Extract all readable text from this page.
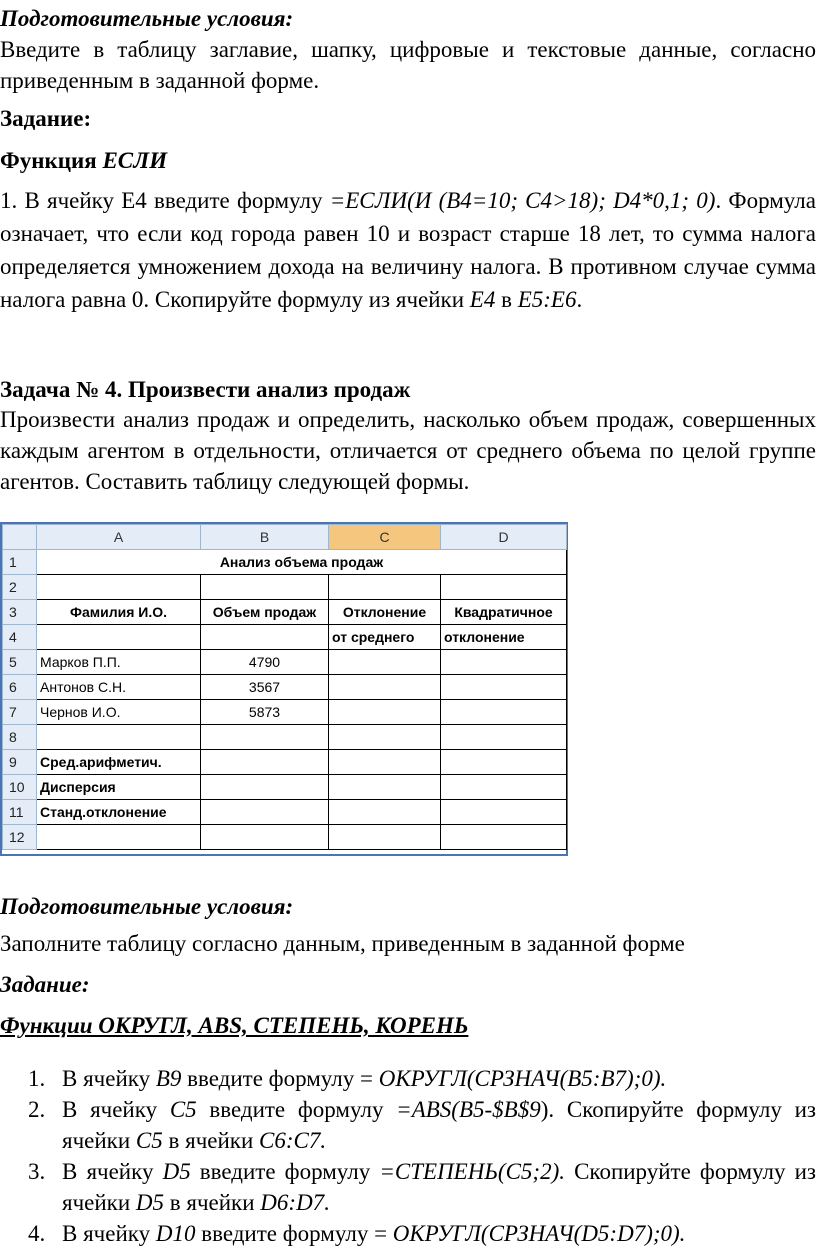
Подготовительные условия:

Введите в таблицу заглавие, шапку, цифровые и текстовые данные, согласно приведенным в заданной форме.

Задание:

Функция ЕСЛИ

1. В ячейку Е4 введите формулу =ЕСЛИ(И (В4=10; С4>18); D4*0,1; 0). Формула означает, что если код города равен 10 и возраст старше 18 лет, то сумма налога определяется умножением дохода на величину налога. В противном случае сумма налога равна 0. Скопируйте формулу из ячейки E4 в E5:E6.

Задача № 4. Произвести анализ продаж

Произвести анализ продаж и определить, насколько объем продаж, совершенных каждым агентом в отдельности, отличается от среднего объема по целой группе агентов. Составить таблицу следующей формы.

	A	B	C	D
1	Анализ объема продаж			
2				
3	Фамилия И.О.	Объем продаж	Отклонение	Квадратичное
4			от среднего	отклонение
5	Марков П.П.	4790		
6	Антонов С.Н.	3567		
7	Чернов И.О.	5873		
8				
9	Сред.арифметич.			
10	Дисперсия			
11	Станд.отклонение			
12				

Подготовительные условия:

Заполните таблицу согласно данным, приведенным в заданной форме

Задание:

Функции ОКРУГЛ, ABS, СТЕПЕНЬ, КОРЕНЬ

1. В ячейку B9 введите формулу = ОКРУГЛ(СРЗНАЧ(В5:В7);0).
2. В ячейку C5 введите формулу =ABS(B5-$B$9). Скопируйте формулу из ячейки C5 в ячейки C6:C7.
3. В ячейку D5 введите формулу =СТЕПЕНЬ(C5;2). Скопируйте формулу из ячейки D5 в ячейки D6:D7.
4. В ячейку D10 введите формулу = ОКРУГЛ(СРЗНАЧ(D5:D7);0).
